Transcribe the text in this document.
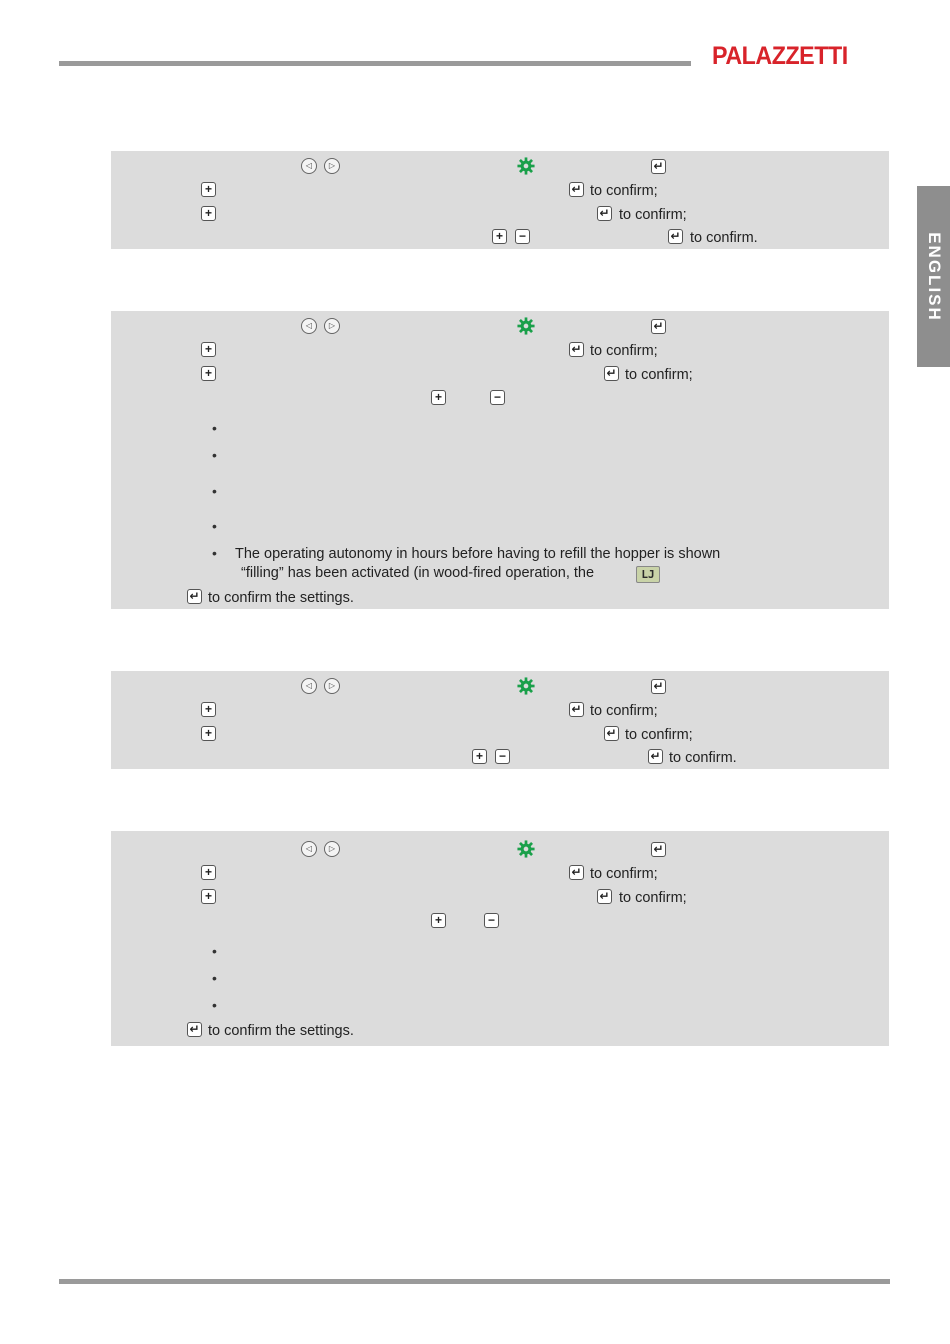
PALAZZETTI
ENGLISH
◁	▷	↵
+	↵ to confirm;
+	↵ to confirm;
+	−	↵ to confirm.
◁	▷	↵
+	↵ to confirm;
+	↵ to confirm;
+	−
•
•
•
•
• The operating autonomy in hours before having to refill the hopper is shown
“filling” has been activated (in wood-fired operation, the	LJ
↵ to confirm the settings.
◁	▷	↵
+	↵ to confirm;
+	↵ to confirm;
+	−	↵ to confirm.
◁	▷	↵
+	↵ to confirm;
+	↵ to confirm;
+	−
•
•
•
↵ to confirm the settings.
